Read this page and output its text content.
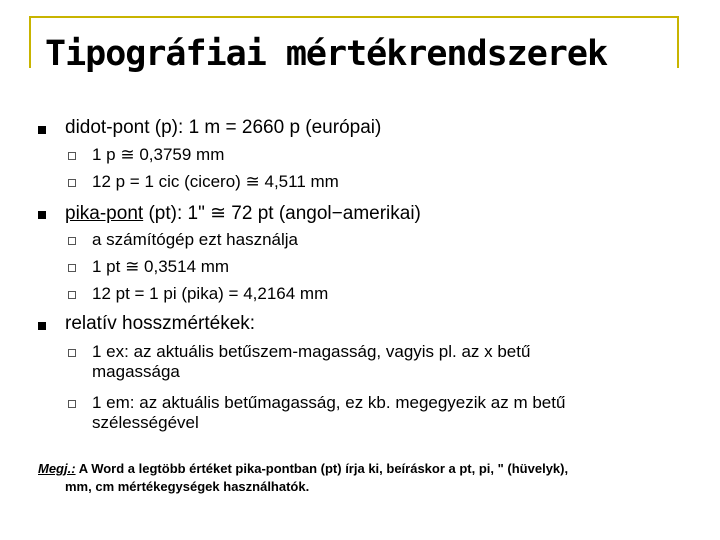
Tipográfiai mértékrendszerek
didot-pont (p): 1 m = 2660 p (európai)
1 p ≅ 0,3759 mm
12 p = 1 cic (cicero) ≅ 4,511 mm
pika-pont (pt): 1" ≅ 72 pt (angol−amerikai)
a számítógép ezt használja
1 pt ≅ 0,3514 mm
12 pt = 1 pi (pika) = 4,2164 mm
relatív hosszmértékek:
1 ex: az aktuális betűszem-magasság, vagyis pl. az x betű
magassága
1 em: az aktuális betűmagasság, ez kb. megegyezik az m betű
szélességével
Megj.: A Word a legtöbb értéket pika-pontban (pt) írja ki, beíráskor a pt, pi, " (hüvelyk),
mm, cm mértékegységek használhatók.
